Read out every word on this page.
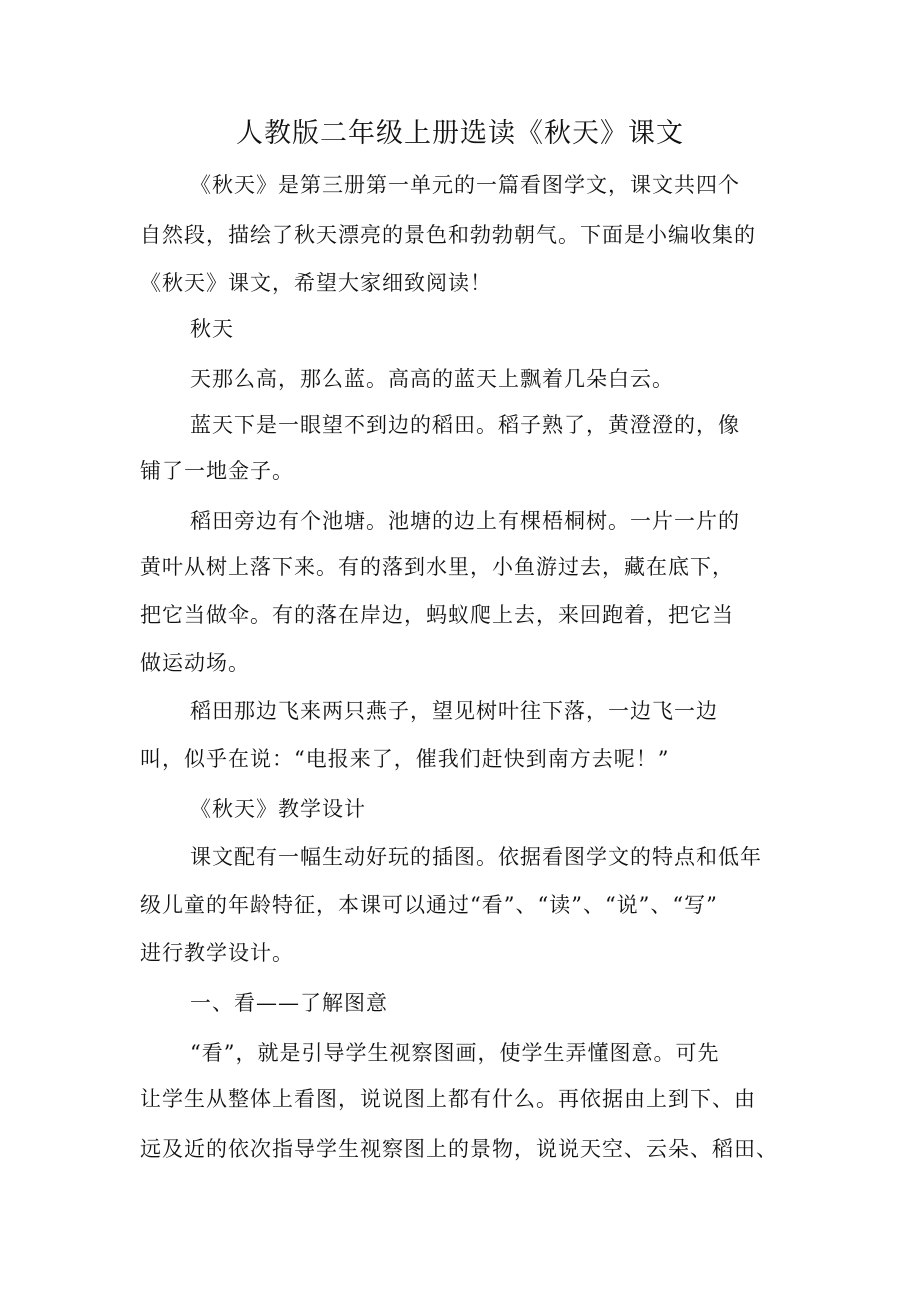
人教版二年级上册选读《秋天》课文
《秋天》是第三册第一单元的一篇看图学文，课文共四个
自然段，描绘了秋天漂亮的景色和勃勃朝气。下面是小编收集的
《秋天》课文，希望大家细致阅读！
秋天
天那么高，那么蓝。高高的蓝天上飘着几朵白云。
蓝天下是一眼望不到边的稻田。稻子熟了，黄澄澄的，像
铺了一地金子。
稻田旁边有个池塘。池塘的边上有棵梧桐树。一片一片的
黄叶从树上落下来。有的落到水里，小鱼游过去，藏在底下，
把它当做伞。有的落在岸边，蚂蚁爬上去，来回跑着，把它当
做运动场。
稻田那边飞来两只燕子，望见树叶往下落，一边飞一边
叫，似乎在说：“电报来了，催我们赶快到南方去呢！”
《秋天》教学设计
课文配有一幅生动好玩的插图。依据看图学文的特点和低年
级儿童的年龄特征，本课可以通过“看”、“读”、“说”、“写”
进行教学设计。
一、看——了解图意
“看”，就是引导学生视察图画，使学生弄懂图意。可先
让学生从整体上看图，说说图上都有什么。再依据由上到下、由
远及近的依次指导学生视察图上的景物，说说天空、云朵、稻田、
